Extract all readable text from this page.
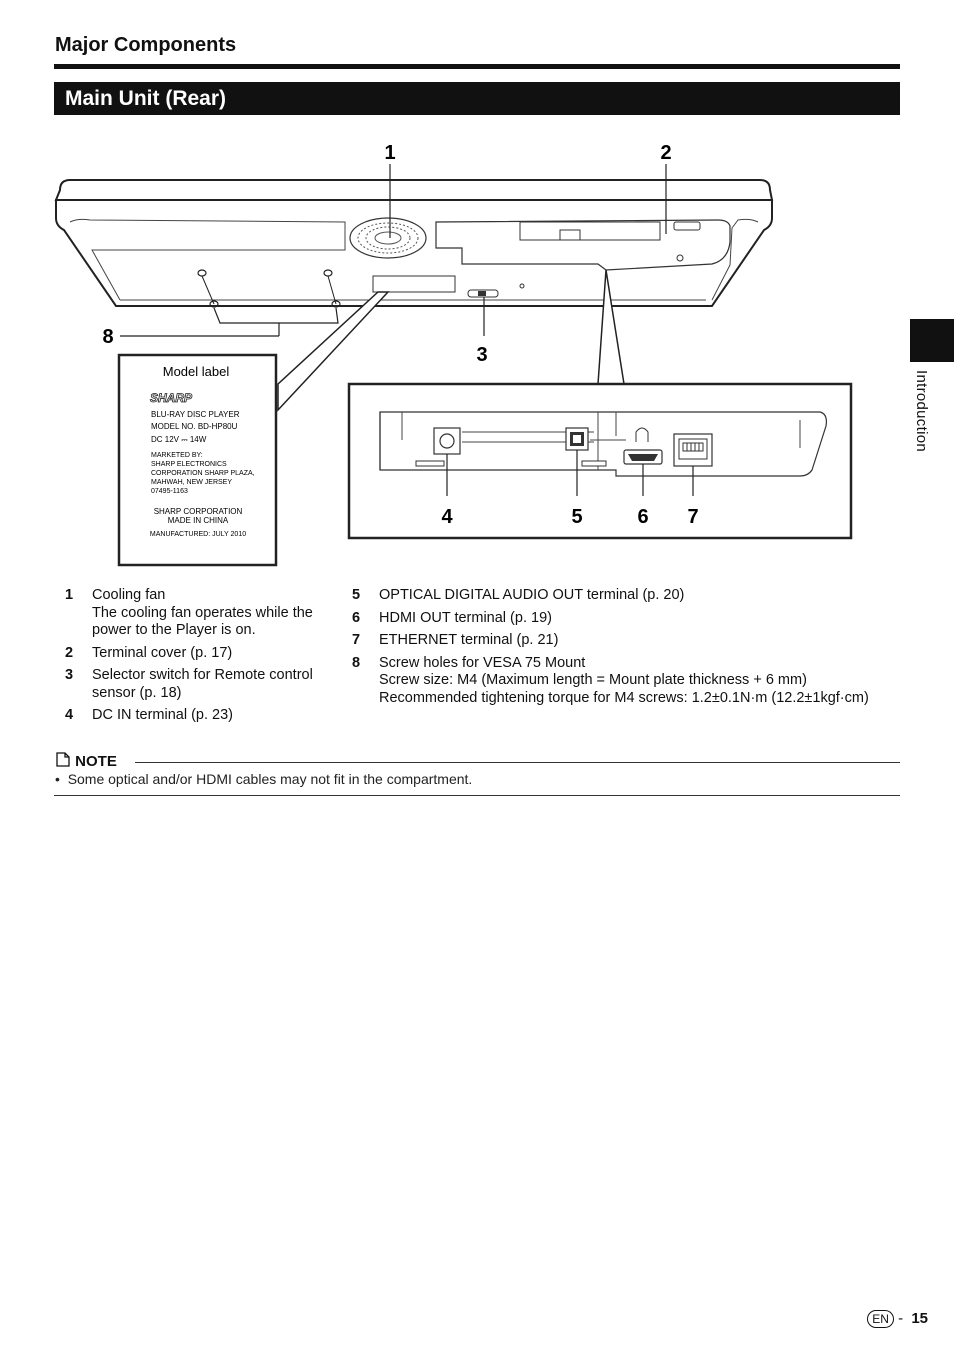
Major Components
Main Unit (Rear)
Introduction
1	2
3
8
Model label
SHARP
BLU-RAY DISC PLAYER
MODEL NO. BD-HP80U
DC 12V ⎓ 14W
MARKETED BY:
SHARP ELECTRONICS
CORPORATION SHARP PLAZA,
MAHWAH, NEW JERSEY
07495-1163
SHARP CORPORATION
MADE IN CHINA
MANUFACTURED: JULY 2010
4	5	6 7
1 Cooling fan
The cooling fan operates while the power to the Player is on.
2 Terminal cover (p. 17)
3 Selector switch for Remote control sensor (p. 18)
4 DC IN terminal (p. 23)
5 OPTICAL DIGITAL AUDIO OUT terminal (p. 20)
6 HDMI OUT terminal (p. 19)
7 ETHERNET terminal (p. 21)
8 Screw holes for VESA 75 Mount
Screw size: M4 (Maximum length = Mount plate thickness + 6 mm)
Recommended tightening torque for M4 screws: 1.2±0.1N·m (12.2±1kgf·cm)
NOTE
• Some optical and/or HDMI cables may not fit in the compartment.
EN - 15
